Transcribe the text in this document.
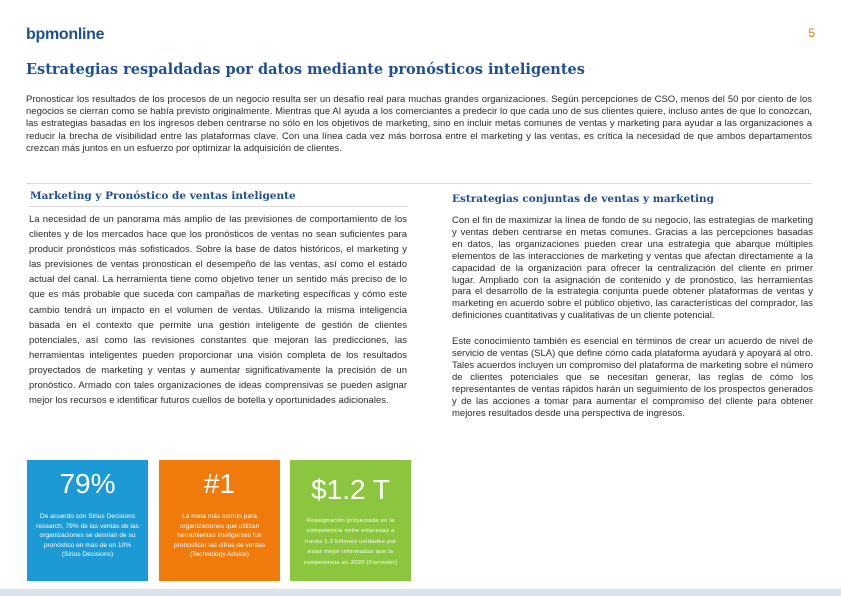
bpmonline	5
Estrategias respaldadas por datos mediante pronósticos inteligentes

Pronosticar los resultados de los procesos de un negocio resulta ser un desafío real para muchas grandes organizaciones. Según percepciones de CSO, menos del 50 por ciento de los negocios se cierran como se había previsto originalmente. Mientras que AI ayuda a los comerciantes a predecir lo que cada uno de sus clientes quiere, incluso antes de que lo conozcan, las estrategias basadas en los ingresos deben centrarse no sólo en los objetivos de marketing, sino en incluir metas comunes de ventas y marketing para ayudar a las organizaciones a reducir la brecha de visibilidad entre las plataformas clave. Con una línea cada vez más borrosa entre el marketing y las ventas, es crítica la necesidad de que ambos departamentos crezcan más juntos en un esfuerzo por optimizar la adquisición de clientes.

Marketing y Pronóstico de ventas inteligente

La necesidad de un panorama más amplio de las previsiones de comportamiento de los clientes y de los mercados hace que los pronósticos de ventas no sean suficientes para producir pronósticos más sofisticados. Sobre la base de datos históricos, el marketing y las previsiones de ventas pronostican el desempeño de las ventas, así como el estado actual del canal. La herramienta tiene como objetivo tener un sentido más preciso de lo que es más probable que suceda con campañas de marketing específicas y cómo este cambio tendrá un impacto en el volumen de ventas. Utilizando la misma inteligencia basada en el contexto que permite una gestión inteligente de gestión de clientes potenciales, así como las revisiones constantes que mejoran las predicciones, las herramientas inteligentes pueden proporcionar una visión completa de los resultados proyectados de marketing y ventas y aumentar significativamente la precisión de un pronóstico. Armado con tales organizaciones de ideas comprensivas se pueden asignar mejor los recursos e identificar futuros cuellos de botella y oportunidades adicionales.

Estrategias conjuntas de ventas y marketing

Con el fin de maximizar la línea de fondo de su negocio, las estrategias de marketing y ventas deben centrarse en metas comunes. Gracias a las percepciones basadas en datos, las organizaciones pueden crear una estrategia que abarque múltiples elementos de las interacciones de marketing y ventas que afectan directamente a la capacidad de la organización para ofrecer la centralización del cliente en primer lugar. Ampliado con la asignación de contenido y de pronóstico, las herramientas para el desarrollo de la estrategia conjunta puede obtener plataformas de ventas y marketing en acuerdo sobre el público objetivo, las características del comprador, las definiciones cuantitativas y cualitativas de un cliente potencial.

Este conocimiento también es esencial en términos de crear un acuerdo de nivel de servicio de ventas (SLA) que define cómo cada plataforma ayudará y apoyará al otro. Tales acuerdos incluyen un compromiso del plataforma de marketing sobre el número de clientes potenciales que se necesitan generar, las reglas de cómo los representantes de ventas rápidos harán un seguimiento de los prospectos generados y de las acciones a tomar para aumentar el compromiso del cliente para obtener mejores resultados desde una perspectiva de ingresos.

79%
De acuerdo con Sirius Decisions research, 79% de las ventas de las organizaciones se desvían de su pronóstico en más de un 10% (Sirius Decisions)
#1
La meta más común para organizaciones que utilizan herramientas inteligentes fue pronosticar las cifras de ventas (Technology Advice)
$1.2 T
Reasignación proyectada en la competencia entre empresas a través 1.2 billones unidades por estar mejor informadas que la competencia en 2020 (Forrester)
